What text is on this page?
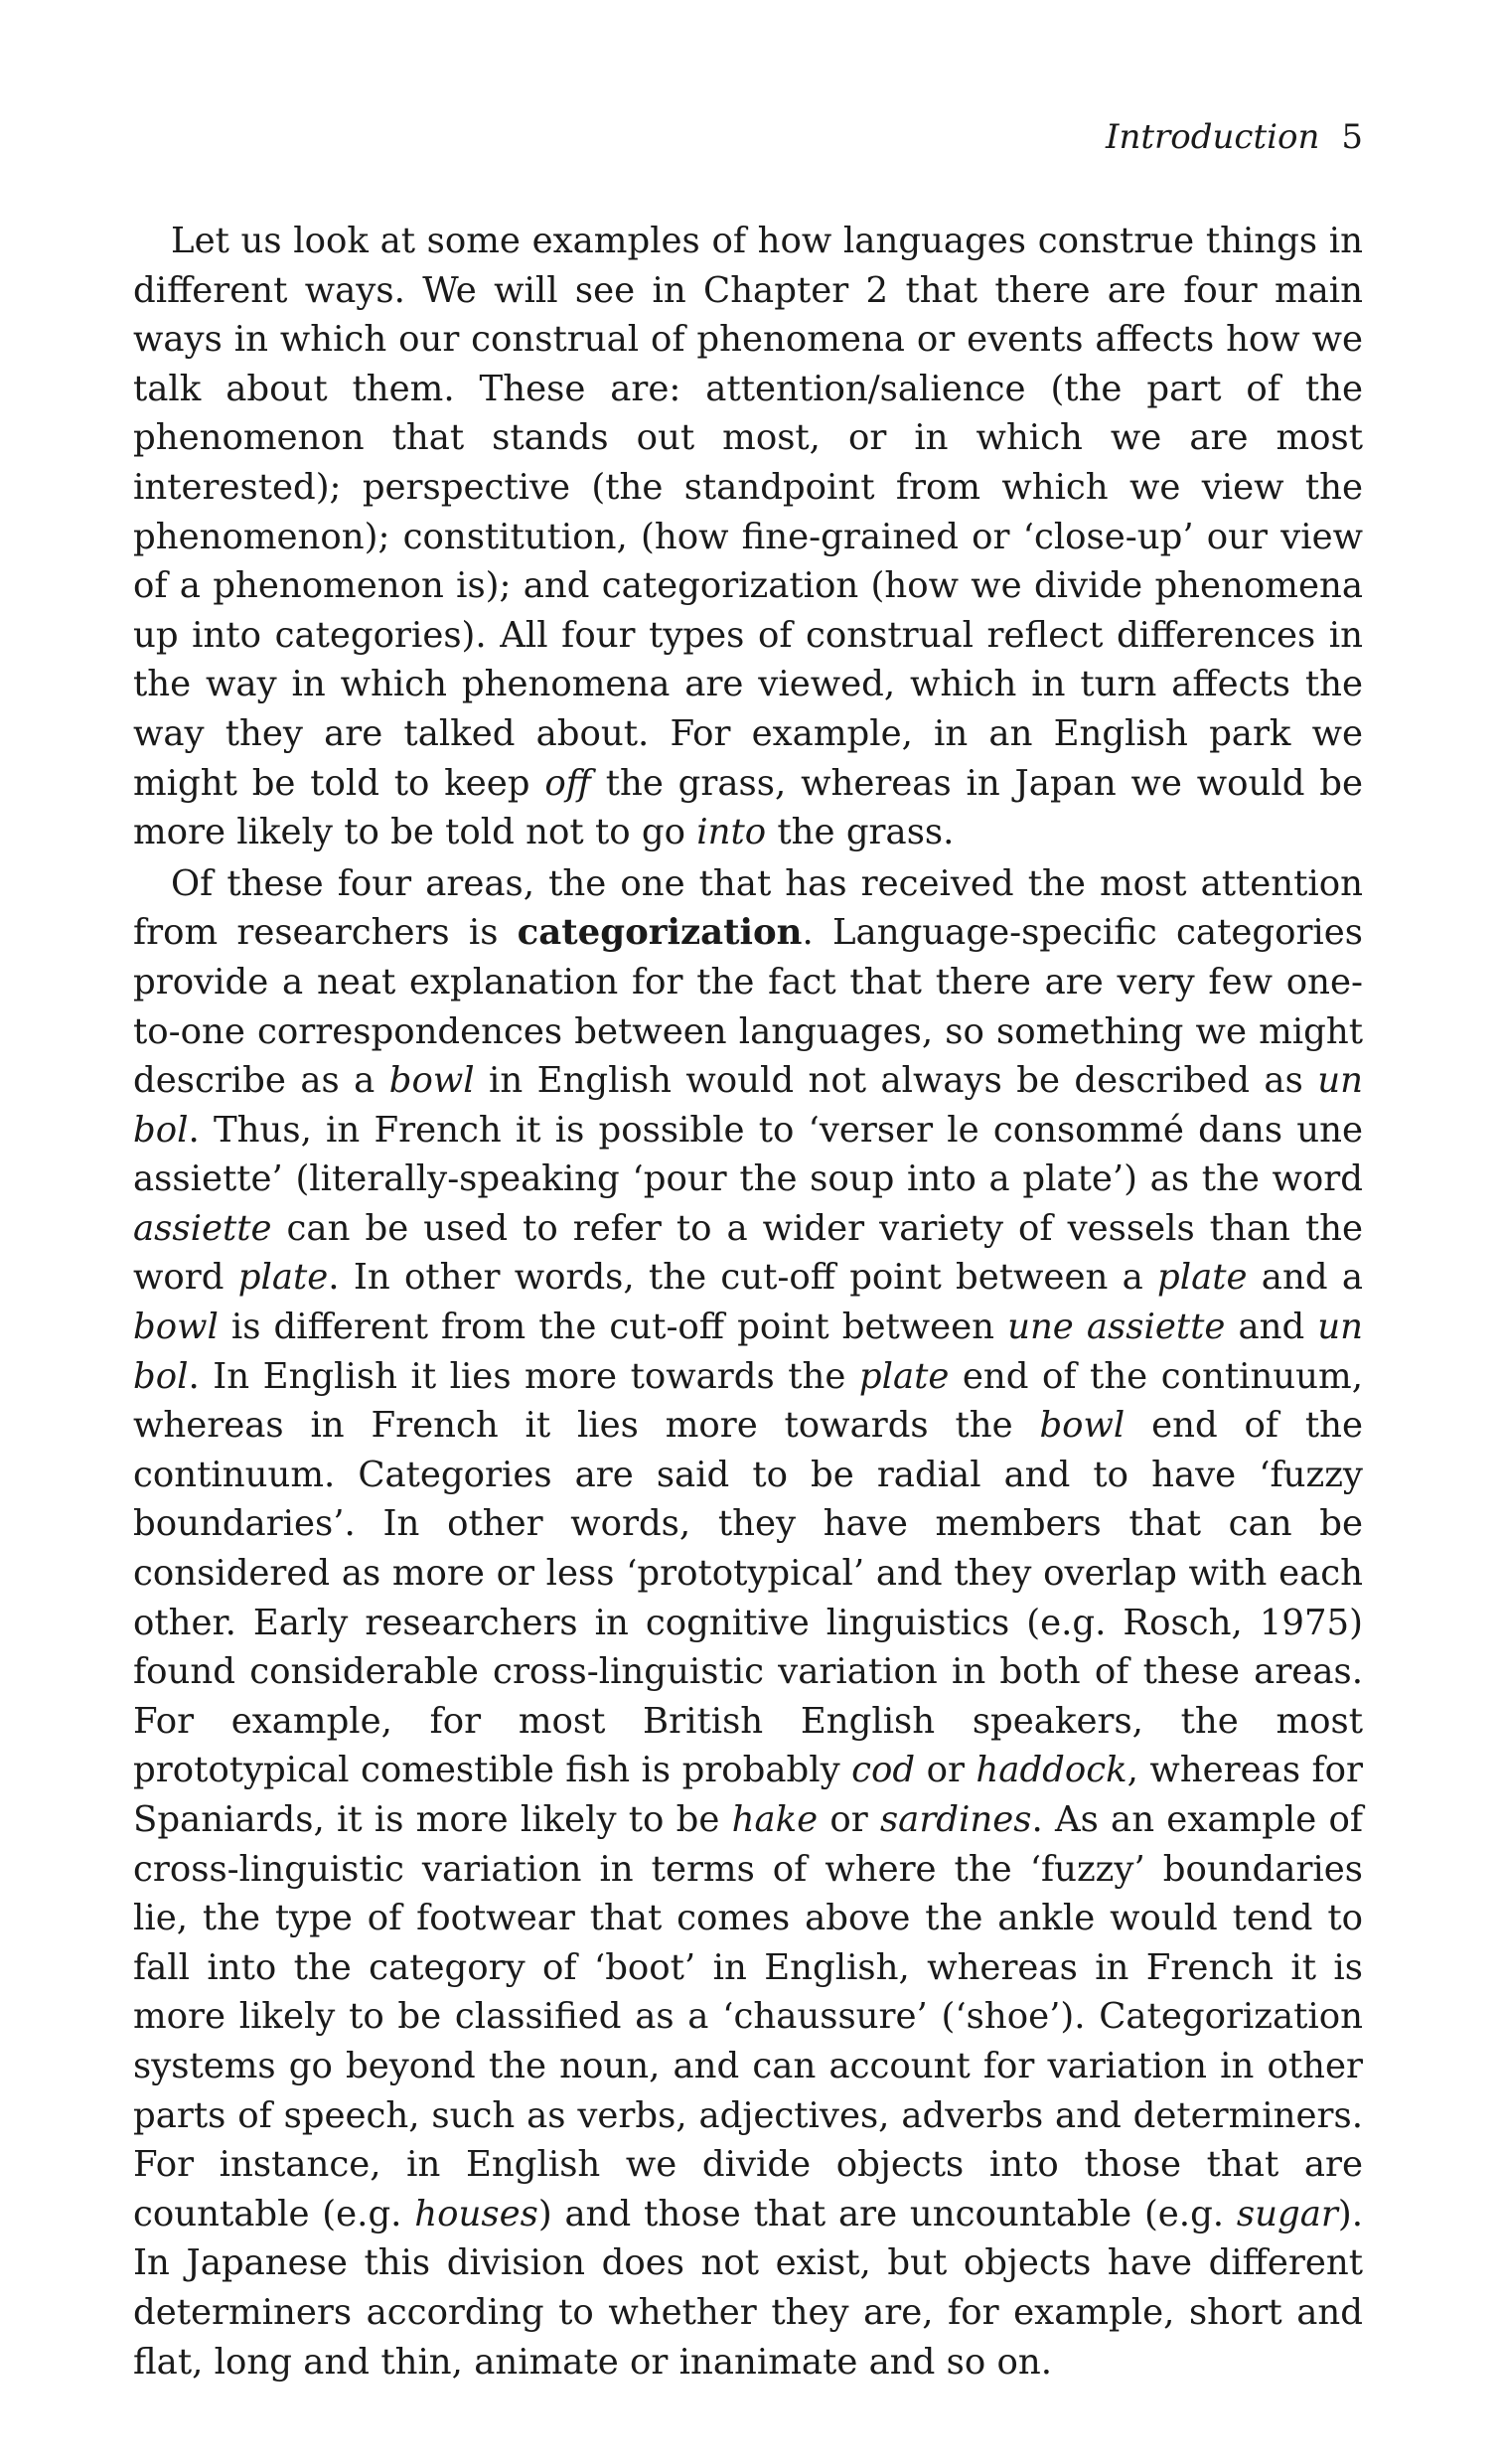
Introduction 5

Let us look at some examples of how languages construe things in different ways. We will see in Chapter 2 that there are four main ways in which our construal of phenomena or events affects how we talk about them. These are: attention/salience (the part of the phenomenon that stands out most, or in which we are most interested); perspective (the standpoint from which we view the phenomenon); constitution, (how fine-grained or ‘close-up’ our view of a phenomenon is); and categorization (how we divide phenomena up into categories). All four types of construal reflect differences in the way in which phenomena are viewed, which in turn affects the way they are talked about. For example, in an English park we might be told to keep off the grass, whereas in Japan we would be more likely to be told not to go into the grass.

Of these four areas, the one that has received the most attention from researchers is categorization. Language-specific categories provide a neat explanation for the fact that there are very few one-to-one correspondences between languages, so something we might describe as a bowl in English would not always be described as un bol. Thus, in French it is possible to ‘verser le consommé dans une assiette’ (literally-speaking ‘pour the soup into a plate’) as the word assiette can be used to refer to a wider variety of vessels than the word plate. In other words, the cut-off point between a plate and a bowl is different from the cut-off point between une assiette and un bol. In English it lies more towards the plate end of the continuum, whereas in French it lies more towards the bowl end of the continuum. Categories are said to be radial and to have ‘fuzzy boundaries’. In other words, they have members that can be considered as more or less ‘prototypical’ and they overlap with each other. Early researchers in cognitive linguistics (e.g. Rosch, 1975) found considerable cross-linguistic variation in both of these areas. For example, for most British English speakers, the most prototypical comestible fish is probably cod or haddock, whereas for Spaniards, it is more likely to be hake or sardines. As an example of cross-linguistic variation in terms of where the ‘fuzzy’ boundaries lie, the type of footwear that comes above the ankle would tend to fall into the category of ‘boot’ in English, whereas in French it is more likely to be classified as a ‘chaussure’ (‘shoe’). Categorization systems go beyond the noun, and can account for variation in other parts of speech, such as verbs, adjectives, adverbs and determiners. For instance, in English we divide objects into those that are countable (e.g. houses) and those that are uncountable (e.g. sugar). In Japanese this division does not exist, but objects have different determiners according to whether they are, for example, short and flat, long and thin, animate or inanimate and so on.
